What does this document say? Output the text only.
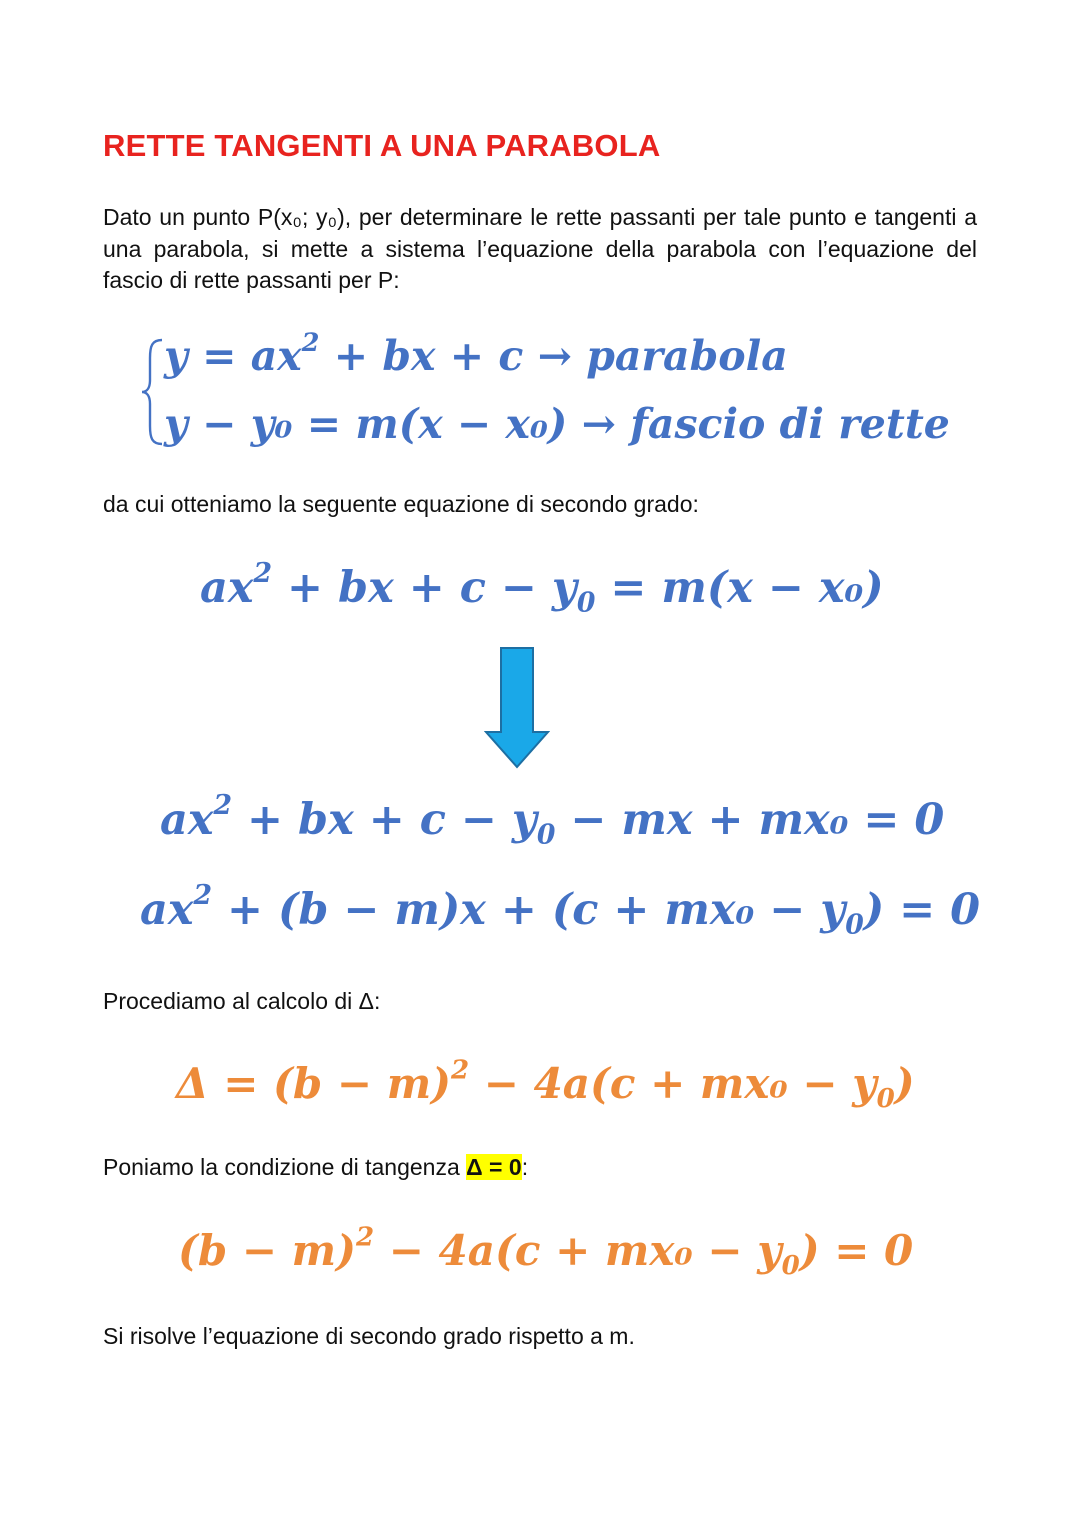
RETTE TANGENTI A UNA PARABOLA
Dato un punto P(x₀; y₀), per determinare le rette passanti per tale punto e tangenti a una parabola, si mette a sistema l’equazione della parabola con l’equazione del fascio di rette passanti per P:
$y = ax^2$ + bx + c → parabola
y − y₀ = m(x − x₀) → fascio di rette
da cui otteniamo la seguente equazione di secondo grado:
$ax^2$ + bx + $c - y_0 = m(x - x_0)$
$ax^2$ + bx + $c - y_0$ − mx + mx₀ = 0
$ax^2 + (b - m)x + (c + mx_0 - y_0) = 0$
Procediamo al calcolo di Δ:
$\Delta = (b - m)^2 - 4a(c + mx_0 - y_0)$
Poniamo la condizione di tangenza Δ = 0:
$(b - m)^2 - 4a(c + mx_0 - y_0) = 0$
Si risolve l’equazione di secondo grado rispetto a m.
